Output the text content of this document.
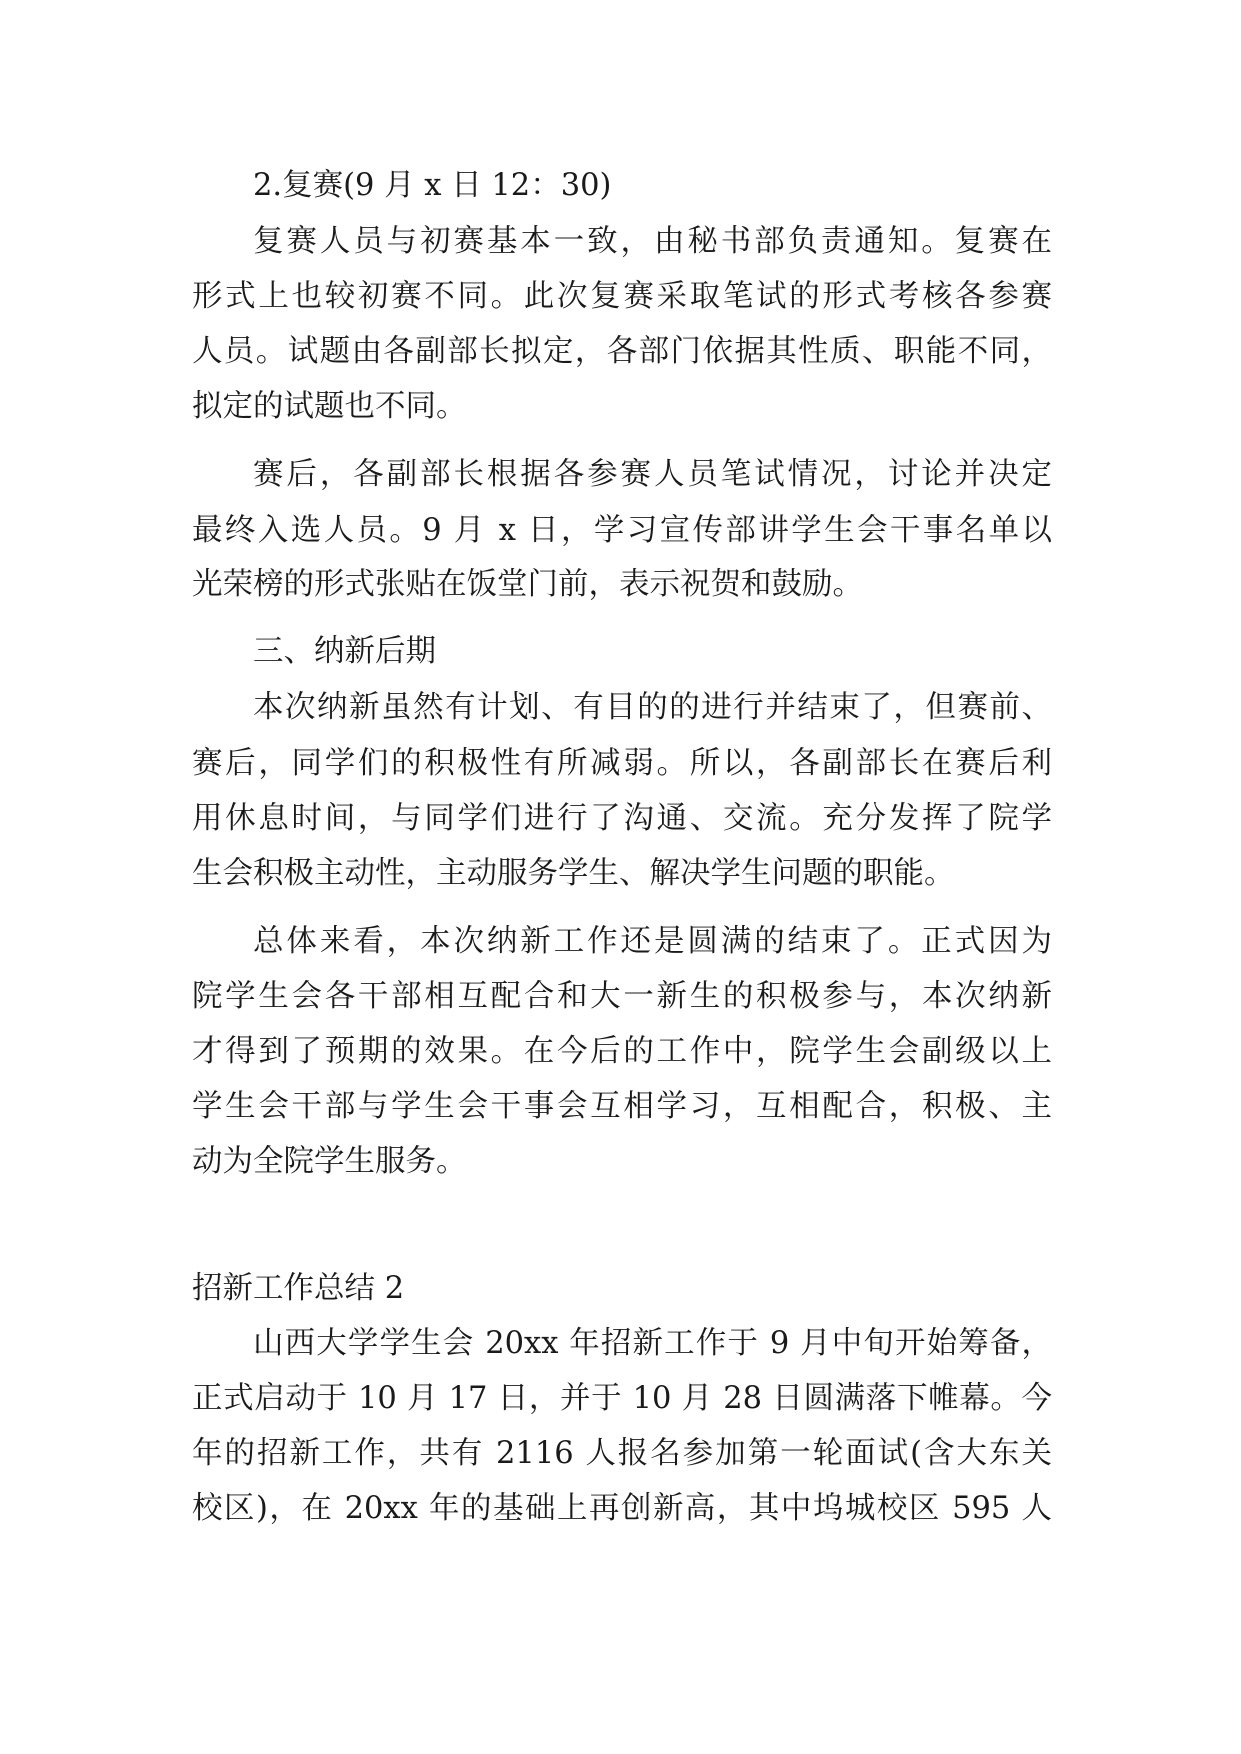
2.复赛(9 月 x 日 12：30)
复赛人员与初赛基本一致，由秘书部负责通知。复赛在
形式上也较初赛不同。此次复赛采取笔试的形式考核各参赛
人员。试题由各副部长拟定，各部门依据其性质、职能不同，
拟定的试题也不同。
赛后，各副部长根据各参赛人员笔试情况，讨论并决定
最终入选人员。9 月 x 日，学习宣传部讲学生会干事名单以
光荣榜的形式张贴在饭堂门前，表示祝贺和鼓励。
三、纳新后期
本次纳新虽然有计划、有目的的进行并结束了，但赛前、
赛后，同学们的积极性有所减弱。所以，各副部长在赛后利
用休息时间，与同学们进行了沟通、交流。充分发挥了院学
生会积极主动性，主动服务学生、解决学生问题的职能。
总体来看，本次纳新工作还是圆满的结束了。正式因为
院学生会各干部相互配合和大一新生的积极参与，本次纳新
才得到了预期的效果。在今后的工作中，院学生会副级以上
学生会干部与学生会干事会互相学习，互相配合，积极、主
动为全院学生服务。
招新工作总结 2
山西大学学生会 20xx 年招新工作于 9 月中旬开始筹备，
正式启动于 10 月 17 日，并于 10 月 28 日圆满落下帷幕。今
年的招新工作，共有 2116 人报名参加第一轮面试(含大东关
校区)，在 20xx 年的基础上再创新高，其中坞城校区 595 人
